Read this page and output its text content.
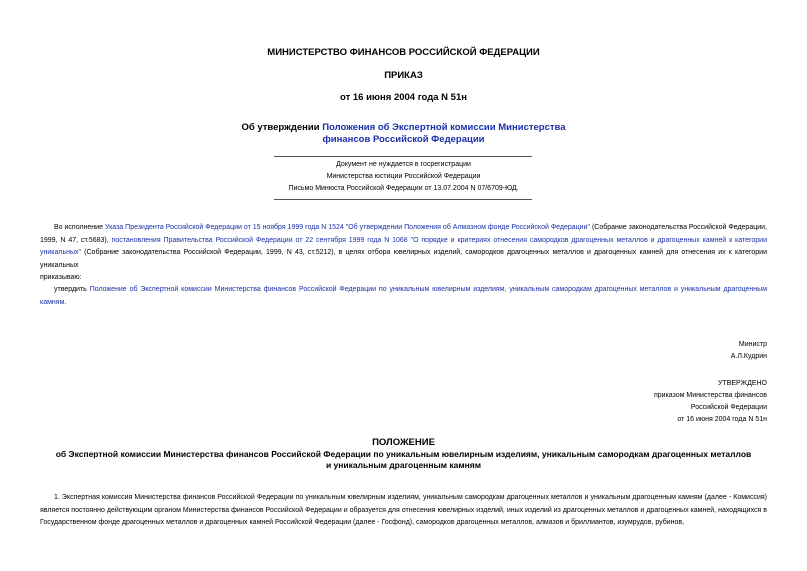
МИНИСТЕРСТВО ФИНАНСОВ РОССИЙСКОЙ ФЕДЕРАЦИИ
ПРИКАЗ
от 16 июня 2004 года N 51н
Об утверждении Положения об Экспертной комиссии Министерства
финансов Российской Федерации
Документ не нуждается в госрегистрации
Министерства юстиции Российской Федерации
Письмо Минюста Российской Федерации от 13.07.2004 N 07/6709-ЮД.
Во исполнение Указа Президента Российской Федерации от 15 ноября 1999 года N 1524 "Об утверждении Положения об Алмазном фонде Российской Федерации" (Собрание законодательства Российской Федерации, 1999, N 47, ст.5683), постановления Правительства Российской Федерации от 22 сентября 1999 года N 1068 "О порядке и критериях отнесения самородков драгоценных металлов и драгоценных камней к категории уникальных" (Собрание законодательства Российской Федерации, 1999, N 43, ст.5212), в целях отбора ювелирных изделий, самородков драгоценных металлов и драгоценных камней для отнесения их к категории уникальных
приказываю:
утвердить Положение об Экспертной комиссии Министерства финансов Российской Федерации по уникальным ювелирным изделиям, уникальным самородкам драгоценных металлов и уникальным драгоценным камням.
Министр
А.Л.Кудрин
УТВЕРЖДЕНО
приказом Министерства финансов
Российской Федерации
от 16 июня 2004 года N 51н
ПОЛОЖЕНИЕ
об Экспертной комиссии Министерства финансов Российской Федерации по уникальным ювелирным изделиям, уникальным самородкам драгоценных металлов
и уникальным драгоценным камням
1. Экспертная комиссия Министерства финансов Российской Федерации по уникальным ювелирным изделиям, уникальным самородкам драгоценных металлов и уникальным драгоценным камням (далее - Комиссия) является постоянно действующим органом Министерства финансов Российской Федерации и образуется для отнесения ювелирных изделий, иных изделий из драгоценных металлов и драгоценных камней, находящихся в Государственном фонде драгоценных металлов и драгоценных камней Российской Федерации (далее - Госфонд), самородков драгоценных металлов, алмазов и бриллиантов, изумрудов, рубинов,
